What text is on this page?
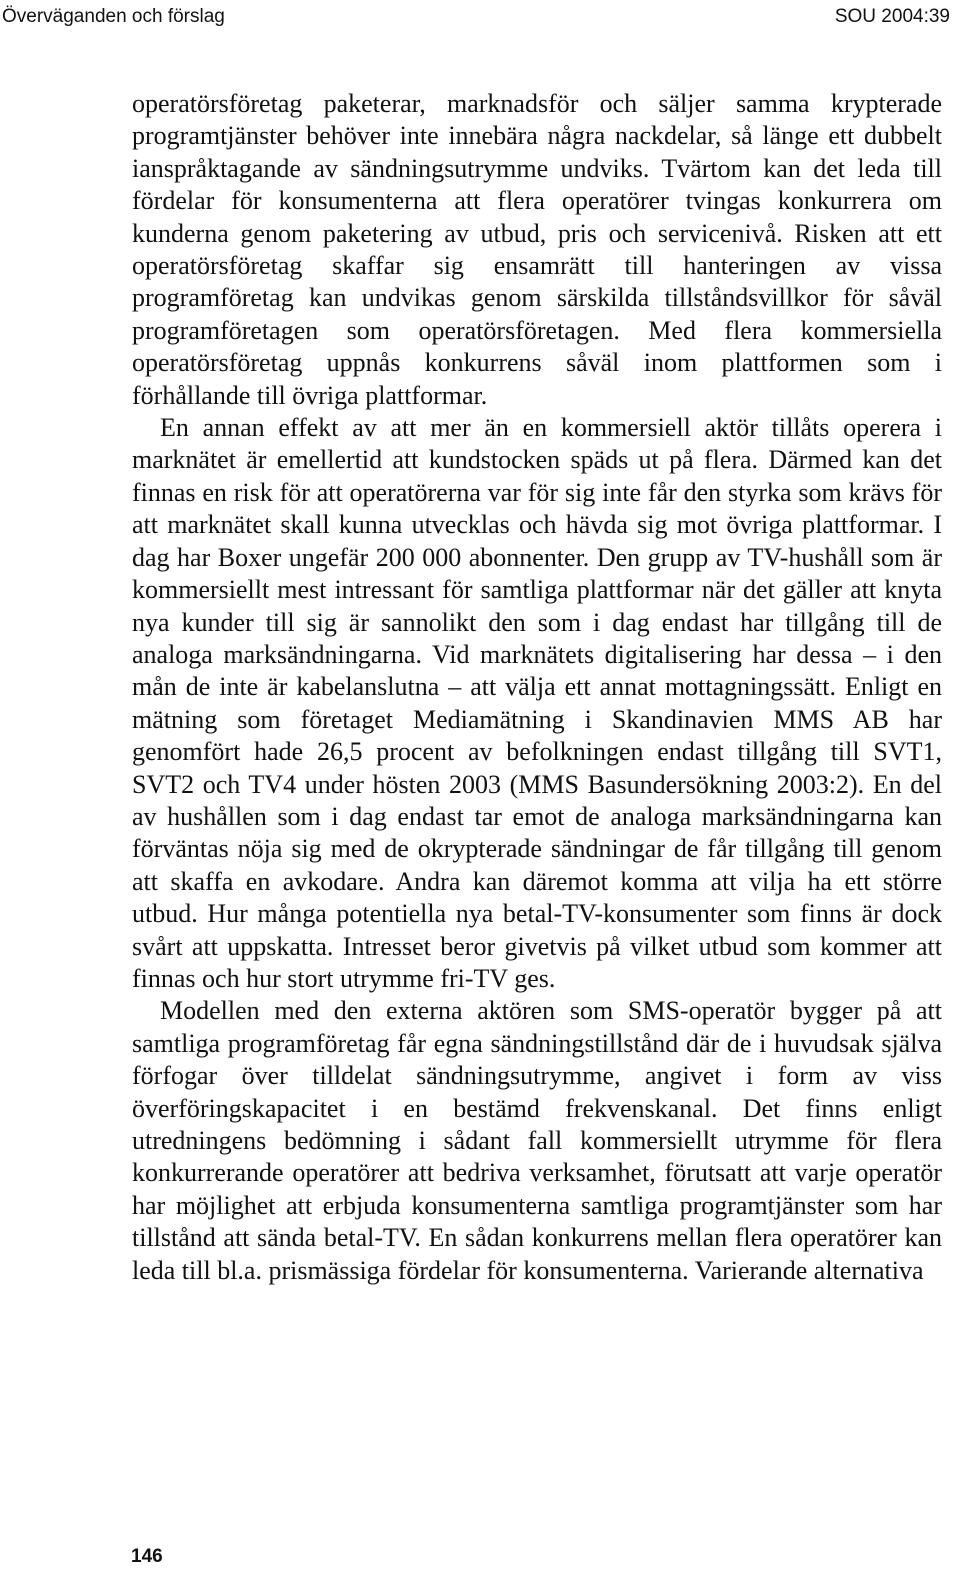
Överväganden och förslag	SOU 2004:39

operatörsföretag paketerar, marknadsför och säljer samma krypterade programtjänster behöver inte innebära några nackdelar, så länge ett dubbelt ianspråktagande av sändningsutrymme undviks. Tvärtom kan det leda till fördelar för konsumenterna att flera operatörer tvingas konkurrera om kunderna genom paketering av utbud, pris och servicenivå. Risken att ett operatörsföretag skaffar sig ensamrätt till hanteringen av vissa programföretag kan undvikas genom särskilda tillståndsvillkor för såväl programföretagen som operatörsföretagen. Med flera kommersiella operatörsföretag uppnås konkurrens såväl inom plattformen som i förhållande till övriga plattformar.

En annan effekt av att mer än en kommersiell aktör tillåts operera i marknätet är emellertid att kundstocken späds ut på flera. Därmed kan det finnas en risk för att operatörerna var för sig inte får den styrka som krävs för att marknätet skall kunna utvecklas och hävda sig mot övriga plattformar. I dag har Boxer ungefär 200 000 abonnenter. Den grupp av TV-hushåll som är kommersiellt mest intressant för samtliga plattformar när det gäller att knyta nya kunder till sig är sannolikt den som i dag endast har tillgång till de analoga marksändningarna. Vid marknätets digitalisering har dessa – i den mån de inte är kabelanslutna – att välja ett annat mottagningssätt. Enligt en mätning som företaget Mediamätning i Skandinavien MMS AB har genomfört hade 26,5 procent av befolkningen endast tillgång till SVT1, SVT2 och TV4 under hösten 2003 (MMS Basundersökning 2003:2). En del av hushållen som i dag endast tar emot de analoga marksändningarna kan förväntas nöja sig med de okrypterade sändningar de får tillgång till genom att skaffa en avkodare. Andra kan däremot komma att vilja ha ett större utbud. Hur många potentiella nya betal-TV-konsumenter som finns är dock svårt att uppskatta. Intresset beror givetvis på vilket utbud som kommer att finnas och hur stort utrymme fri-TV ges.

Modellen med den externa aktören som SMS-operatör bygger på att samtliga programföretag får egna sändningstillstånd där de i huvudsak själva förfogar över tilldelat sändningsutrymme, angivet i form av viss överföringskapacitet i en bestämd frekvenskanal. Det finns enligt utredningens bedömning i sådant fall kommersiellt utrymme för flera konkurrerande operatörer att bedriva verksamhet, förutsatt att varje operatör har möjlighet att erbjuda konsumenterna samtliga programtjänster som har tillstånd att sända betal-TV. En sådan konkurrens mellan flera operatörer kan leda till bl.a. prismässiga fördelar för konsumenterna. Varierande alternativa

146
